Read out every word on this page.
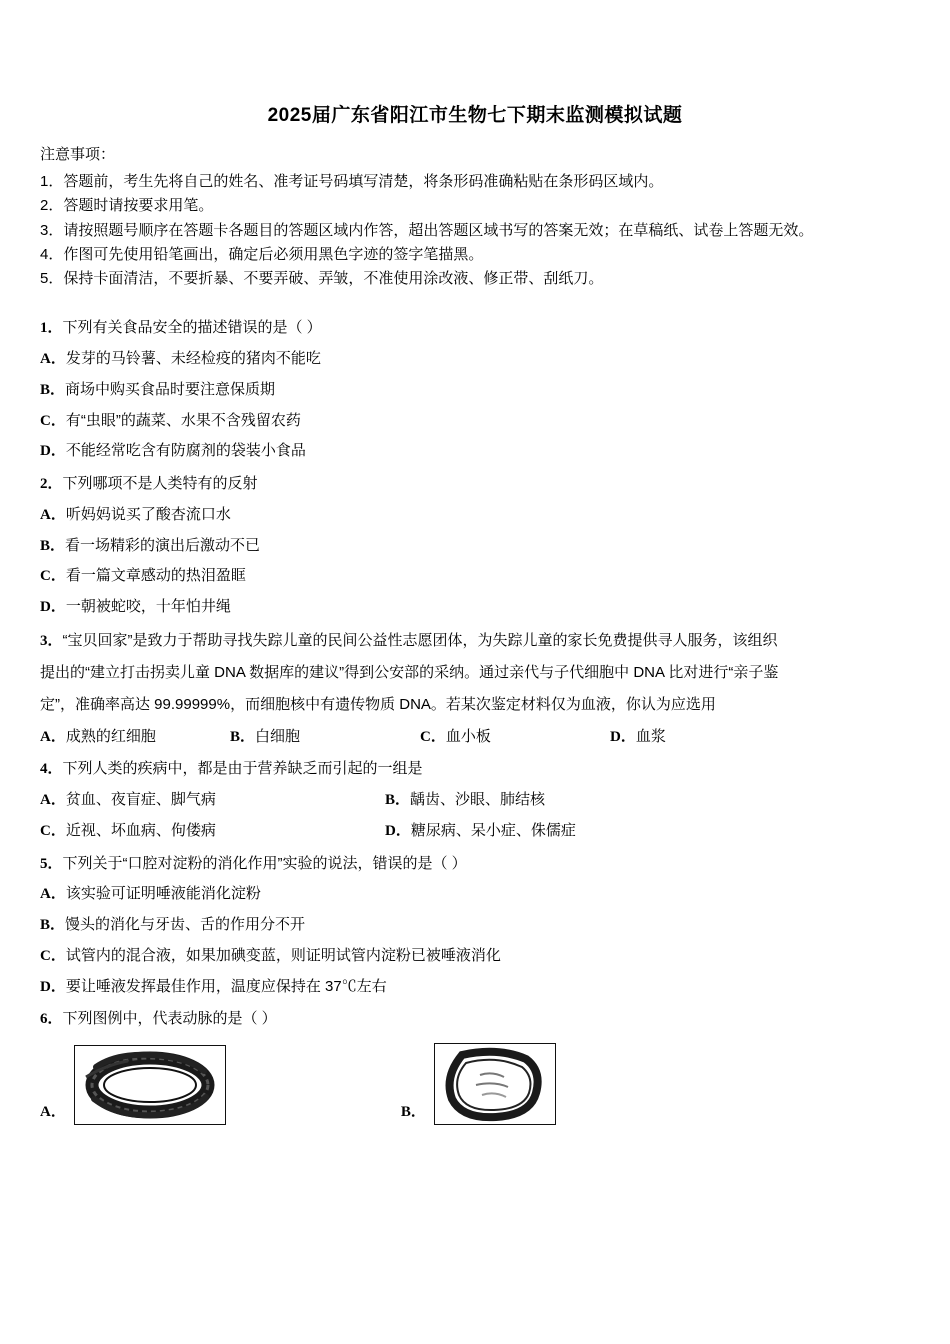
2025届广东省阳江市生物七下期末监测模拟试题
注意事项：
1．答题前，考生先将自己的姓名、准考证号码填写清楚，将条形码准确粘贴在条形码区域内。
2．答题时请按要求用笔。
3．请按照题号顺序在答题卡各题目的答题区域内作答，超出答题区域书写的答案无效；在草稿纸、试卷上答题无效。
4．作图可先使用铅笔画出，确定后必须用黑色字迹的签字笔描黑。
5．保持卡面清洁，不要折暴、不要弄破、弄皱，不准使用涂改液、修正带、刮纸刀。

1．下列有关食品安全的描述错误的是（ ）

A．发芽的马铃薯、未经检疫的猪肉不能吃

B．商场中购买食品时要注意保质期

C．有“虫眼”的蔬菜、水果不含残留农药

D．不能经常吃含有防腐剂的袋装小食品

2．下列哪项不是人类特有的反射

A．听妈妈说买了酸杏流口水

B．看一场精彩的演出后激动不已

C．看一篇文章感动的热泪盈眶

D．一朝被蛇咬，十年怕井绳

3．“宝贝回家”是致力于帮助寻找失踪儿童的民间公益性志愿团体，为失踪儿童的家长免费提供寻人服务，该组织

提出的“建立打击拐卖儿童 DNA 数据库的建议”得到公安部的采纳。通过亲代与子代细胞中 DNA 比对进行“亲子鉴

定”，准确率高达 99.99999%，而细胞核中有遗传物质 DNA。若某次鉴定材料仅为血液，你认为应选用

A．成熟的红细胞	B．白细胞	C．血小板	D．血浆

4．下列人类的疾病中，都是由于营养缺乏而引起的一组是

A．贫血、夜盲症、脚气病	B．龋齿、沙眼、肺结核
C．近视、坏血病、佝偻病	D．糖尿病、呆小症、侏儒症

5．下列关于“口腔对淀粉的消化作用”实验的说法，错误的是（ ）

A．该实验可证明唾液能消化淀粉

B．馒头的消化与牙齿、舌的作用分不开

C．试管内的混合液，如果加碘变蓝，则证明试管内淀粉已被唾液消化

D．要让唾液发挥最佳作用，温度应保持在 37℃左右

6．下列图例中，代表动脉的是（ ）

A．	B．
